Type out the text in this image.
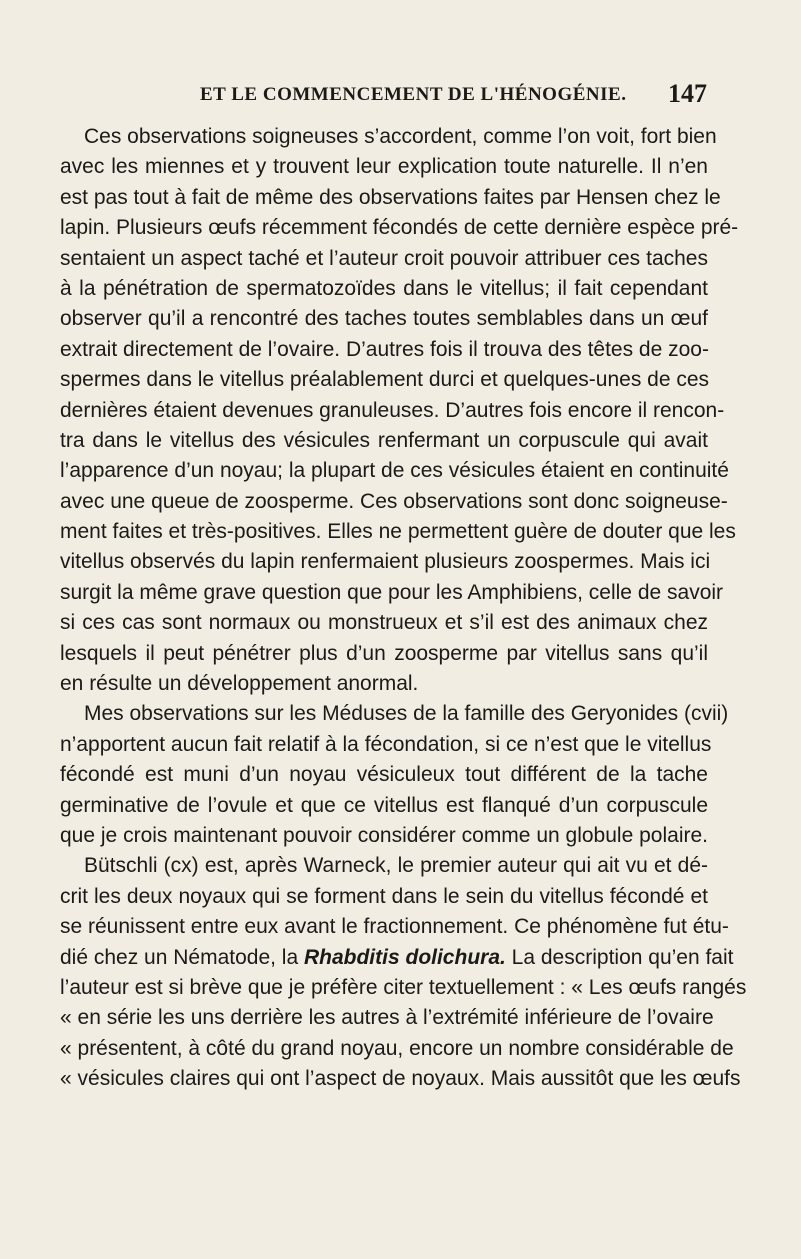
ET LE COMMENCEMENT DE L'HÉNOGÉNIE. 147
Ces observations soigneuses s’accordent, comme l’on voit, fort bien
avec les miennes et y trouvent leur explication toute naturelle. Il n’en
est pas tout à fait de même des observations faites par Hensen chez le
lapin. Plusieurs œufs récemment fécondés de cette dernière espèce pré-
sentaient un aspect taché et l’auteur croit pouvoir attribuer ces taches
à la pénétration de spermatozoïdes dans le vitellus; il fait cependant
observer qu’il a rencontré des taches toutes semblables dans un œuf
extrait directement de l’ovaire. D’autres fois il trouva des têtes de zoo-
spermes dans le vitellus préalablement durci et quelques-unes de ces
dernières étaient devenues granuleuses. D’autres fois encore il rencon-
tra dans le vitellus des vésicules renfermant un corpuscule qui avait
l’apparence d’un noyau; la plupart de ces vésicules étaient en continuité
avec une queue de zoosperme. Ces observations sont donc soigneuse-
ment faites et très-positives. Elles ne permettent guère de douter que les
vitellus observés du lapin renfermaient plusieurs zoospermes. Mais ici
surgit la même grave question que pour les Amphibiens, celle de savoir
si ces cas sont normaux ou monstrueux et s’il est des animaux chez
lesquels il peut pénétrer plus d’un zoosperme par vitellus sans qu’il
en résulte un développement anormal.
Mes observations sur les Méduses de la famille des Geryonides (cvii)
n’apportent aucun fait relatif à la fécondation, si ce n’est que le vitellus
fécondé est muni d’un noyau vésiculeux tout différent de la tache
germinative de l’ovule et que ce vitellus est flanqué d’un corpuscule
que je crois maintenant pouvoir considérer comme un globule polaire.
Bütschli (cx) est, après Warneck, le premier auteur qui ait vu et dé-
crit les deux noyaux qui se forment dans le sein du vitellus fécondé et
se réunissent entre eux avant le fractionnement. Ce phénomène fut étu-
dié chez un Nématode, la Rhabditis dolichura. La description qu’en fait
l’auteur est si brève que je préfère citer textuellement : « Les œufs rangés
« en série les uns derrière les autres à l’extrémité inférieure de l’ovaire
« présentent, à côté du grand noyau, encore un nombre considérable de
« vésicules claires qui ont l’aspect de noyaux. Mais aussitôt que les œufs
